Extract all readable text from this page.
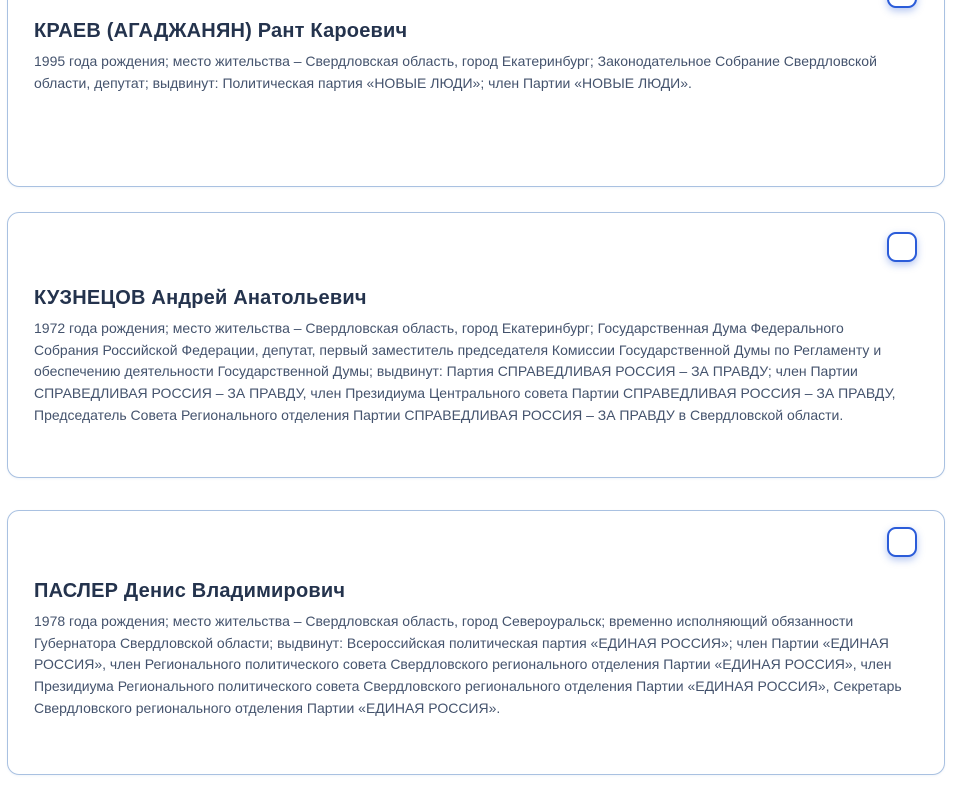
КРАЕВ (АГАДЖАНЯН) Рант Кароевич

1995 года рождения; место жительства – Свердловская область, город Екатеринбург; Законодательное Собрание Свердловской области, депутат; выдвинут: Политическая партия «НОВЫЕ ЛЮДИ»; член Партии «НОВЫЕ ЛЮДИ».

КУЗНЕЦОВ Андрей Анатольевич

1972 года рождения; место жительства – Свердловская область, город Екатеринбург; Государственная Дума Федерального Собрания Российской Федерации, депутат, первый заместитель председателя Комиссии Государственной Думы по Регламенту и обеспечению деятельности Государственной Думы; выдвинут: Партия СПРАВЕДЛИВАЯ РОССИЯ – ЗА ПРАВДУ; член Партии СПРАВЕДЛИВАЯ РОССИЯ – ЗА ПРАВДУ, член Президиума Центрального совета Партии СПРАВЕДЛИВАЯ РОССИЯ – ЗА ПРАВДУ, Председатель Совета Регионального отделения Партии СПРАВЕДЛИВАЯ РОССИЯ – ЗА ПРАВДУ в Свердловской области.

ПАСЛЕР Денис Владимирович

1978 года рождения; место жительства – Свердловская область, город Североуральск; временно исполняющий обязанности Губернатора Свердловской области; выдвинут: Всероссийская политическая партия «ЕДИНАЯ РОССИЯ»; член Партии «ЕДИНАЯ РОССИЯ», член Регионального политического совета Свердловского регионального отделения Партии «ЕДИНАЯ РОССИЯ», член Президиума Регионального политического совета Свердловского регионального отделения Партии «ЕДИНАЯ РОССИЯ», Секретарь Свердловского регионального отделения Партии «ЕДИНАЯ РОССИЯ».
